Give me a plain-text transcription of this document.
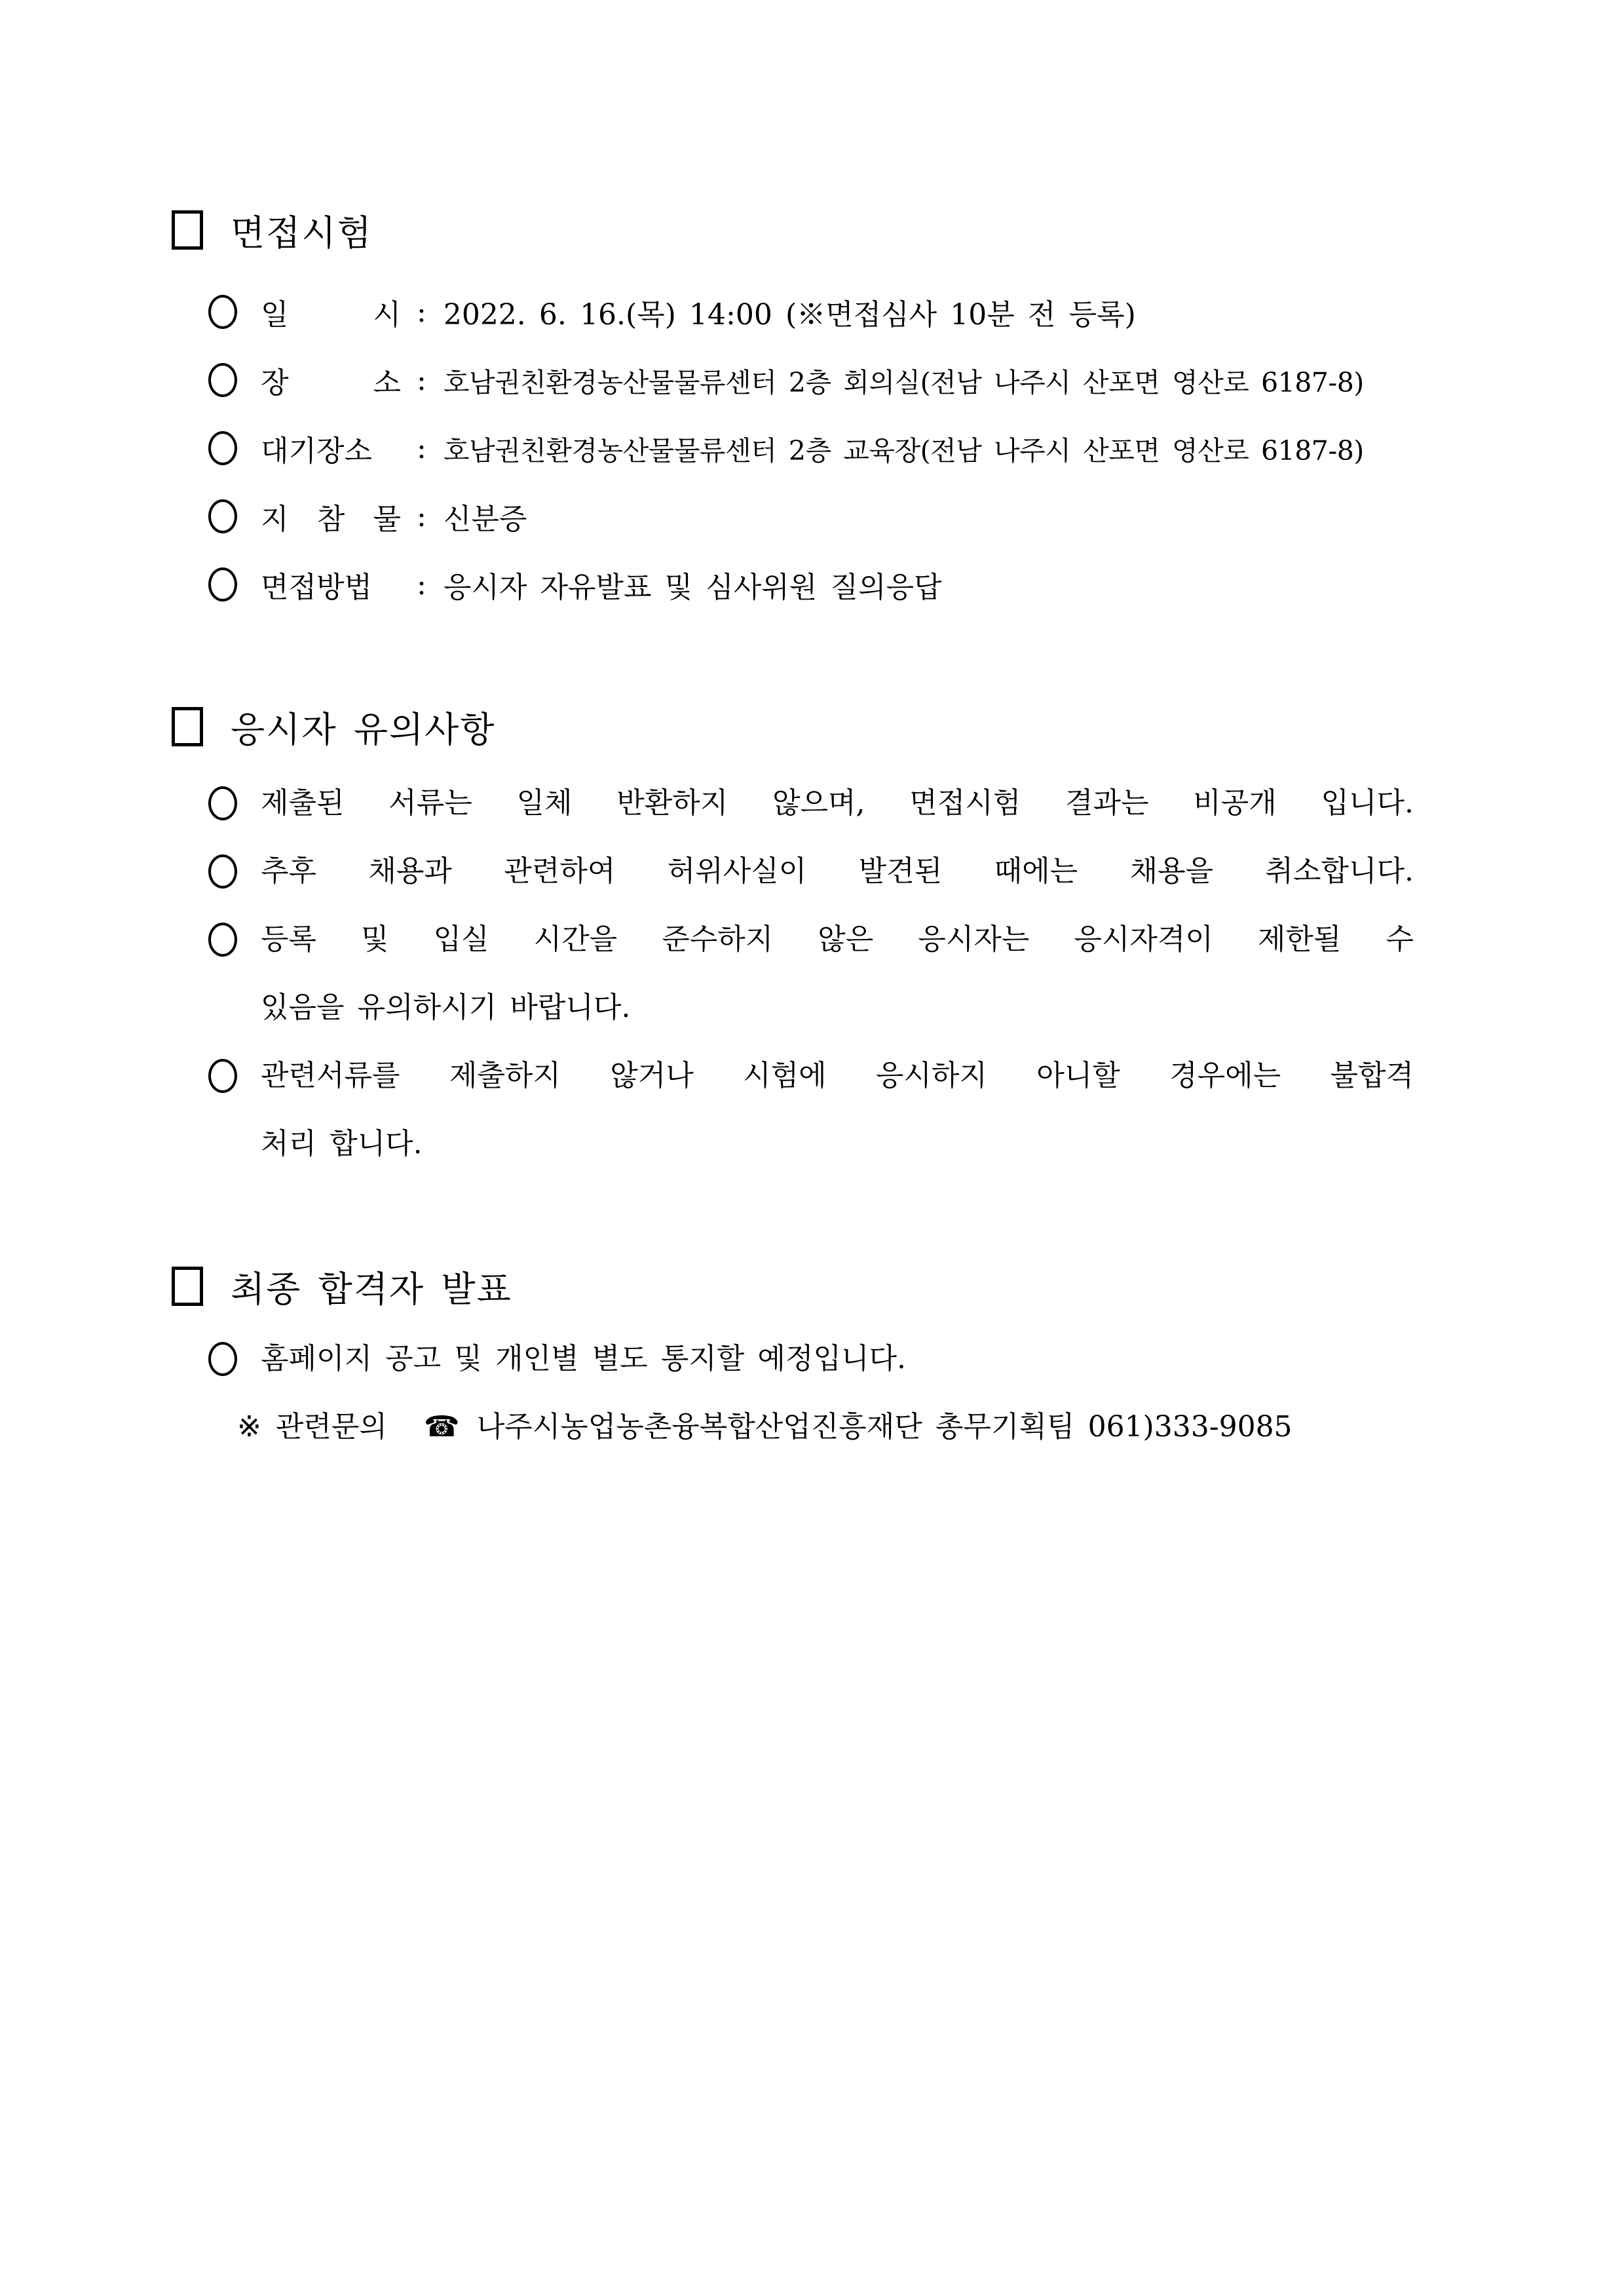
면접시험
일 시 : 2022. 6. 16.(목) 14:00 (※면접심사 10분 전 등록)
장 소 : 호남권친환경농산물물류센터 2층 회의실(전남 나주시 산포면 영산로 6187-8)
대기장소	: 호남권친환경농산물물류센터 2층 교육장(전남 나주시 산포면 영산로 6187-8)
지 참 물 : 신분증
면접방법	: 응시자 자유발표 및 심사위원 질의응답
응시자 유의사항
제출된 서류는 일체 반환하지 않으며, 면접시험 결과는 비공개 입니다.
추후 채용과 관련하여 허위사실이 발견된 때에는 채용을 취소합니다.
등록 및 입실 시간을 준수하지 않은 응시자는 응시자격이 제한될 수
있음을 유의하시기 바랍니다.
관련서류를 제출하지 않거나 시험에 응시하지 아니할 경우에는 불합격
처리 합니다.
최종 합격자 발표
홈페이지 공고 및 개인별 별도 통지할 예정입니다.
※ 관련문의 ☎ 나주시농업농촌융복합산업진흥재단 총무기획팀 061)333-9085
